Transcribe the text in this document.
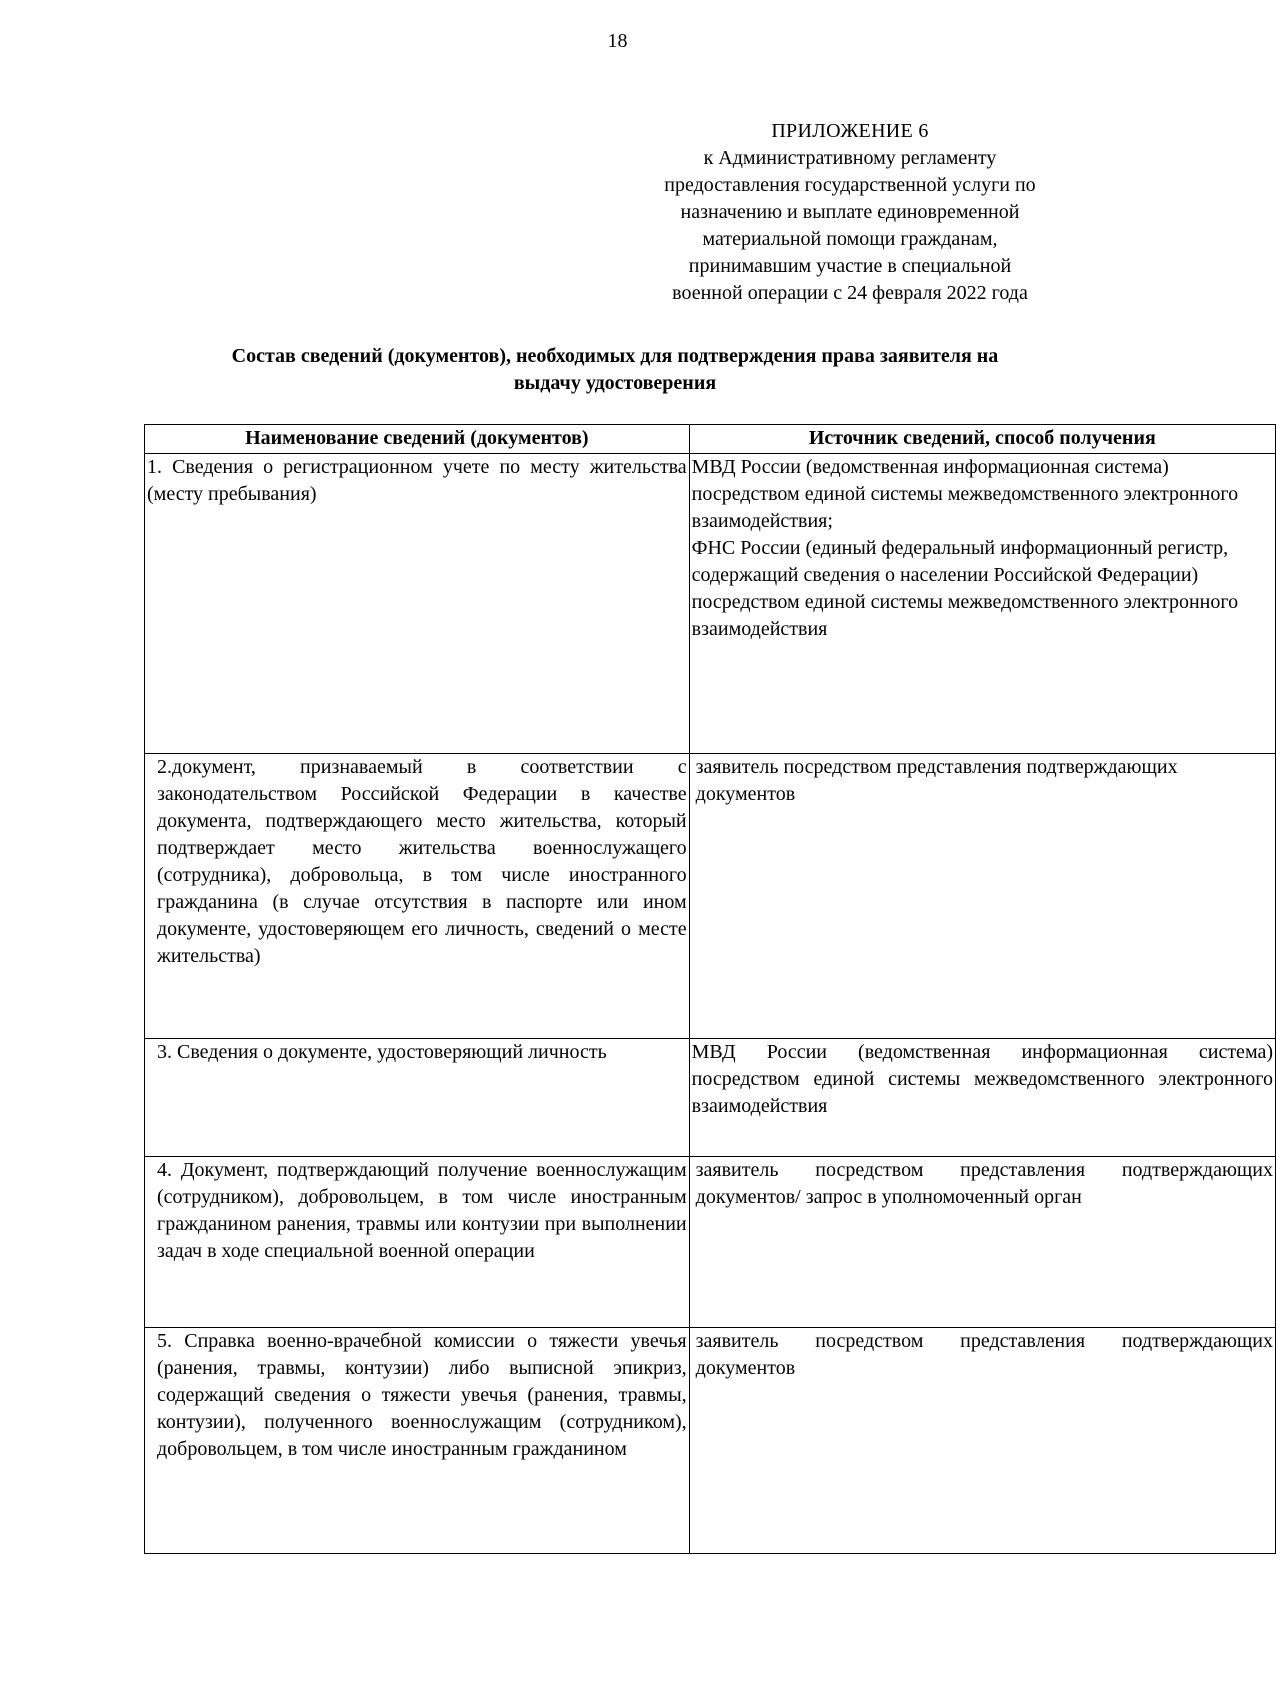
18
ПРИЛОЖЕНИЕ 6
к Административному регламенту
предоставления государственной услуги по
назначению и выплате единовременной
материальной помощи гражданам,
принимавшим участие в специальной
военной операции с 24 февраля 2022 года
Состав сведений (документов), необходимых для подтверждения права заявителя на
выдачу удостоверения
Наименование сведений (документов)	Источник сведений, способ получения
1. Сведения о регистрационном учете по месту жительства (месту пребывания)	МВД России (ведомственная информационная система) посредством единой системы межведомственного электронного взаимодействия;
ФНС России (единый федеральный информационный регистр, содержащий сведения о населении Российской Федерации) посредством единой системы межведомственного электронного взаимодействия
2.документ, признаваемый в соответствии с законодательством Российской Федерации в качестве документа, подтверждающего место жительства, который подтверждает место жительства военнослужащего (сотрудника), добровольца, в том числе иностранного гражданина (в случае отсутствия в паспорте или ином документе, удостоверяющем его личность, сведений о месте жительства)	заявитель посредством представления подтверждающих документов
3. Сведения о документе, удостоверяющий личность	МВД России (ведомственная информационная система) посредством единой системы межведомственного электронного взаимодействия
4. Документ, подтверждающий получение военнослужащим (сотрудником), добровольцем, в том числе иностранным гражданином ранения, травмы или контузии при выполнении задач в ходе специальной военной операции	заявитель посредством представления подтверждающих документов/ запрос в уполномоченный орган
5. Справка военно-врачебной комиссии о тяжести увечья (ранения, травмы, контузии) либо выписной эпикриз, содержащий сведения о тяжести увечья (ранения, травмы, контузии), полученного военнослужащим (сотрудником), добровольцем, в том числе иностранным гражданином	заявитель посредством представления подтверждающих документов
